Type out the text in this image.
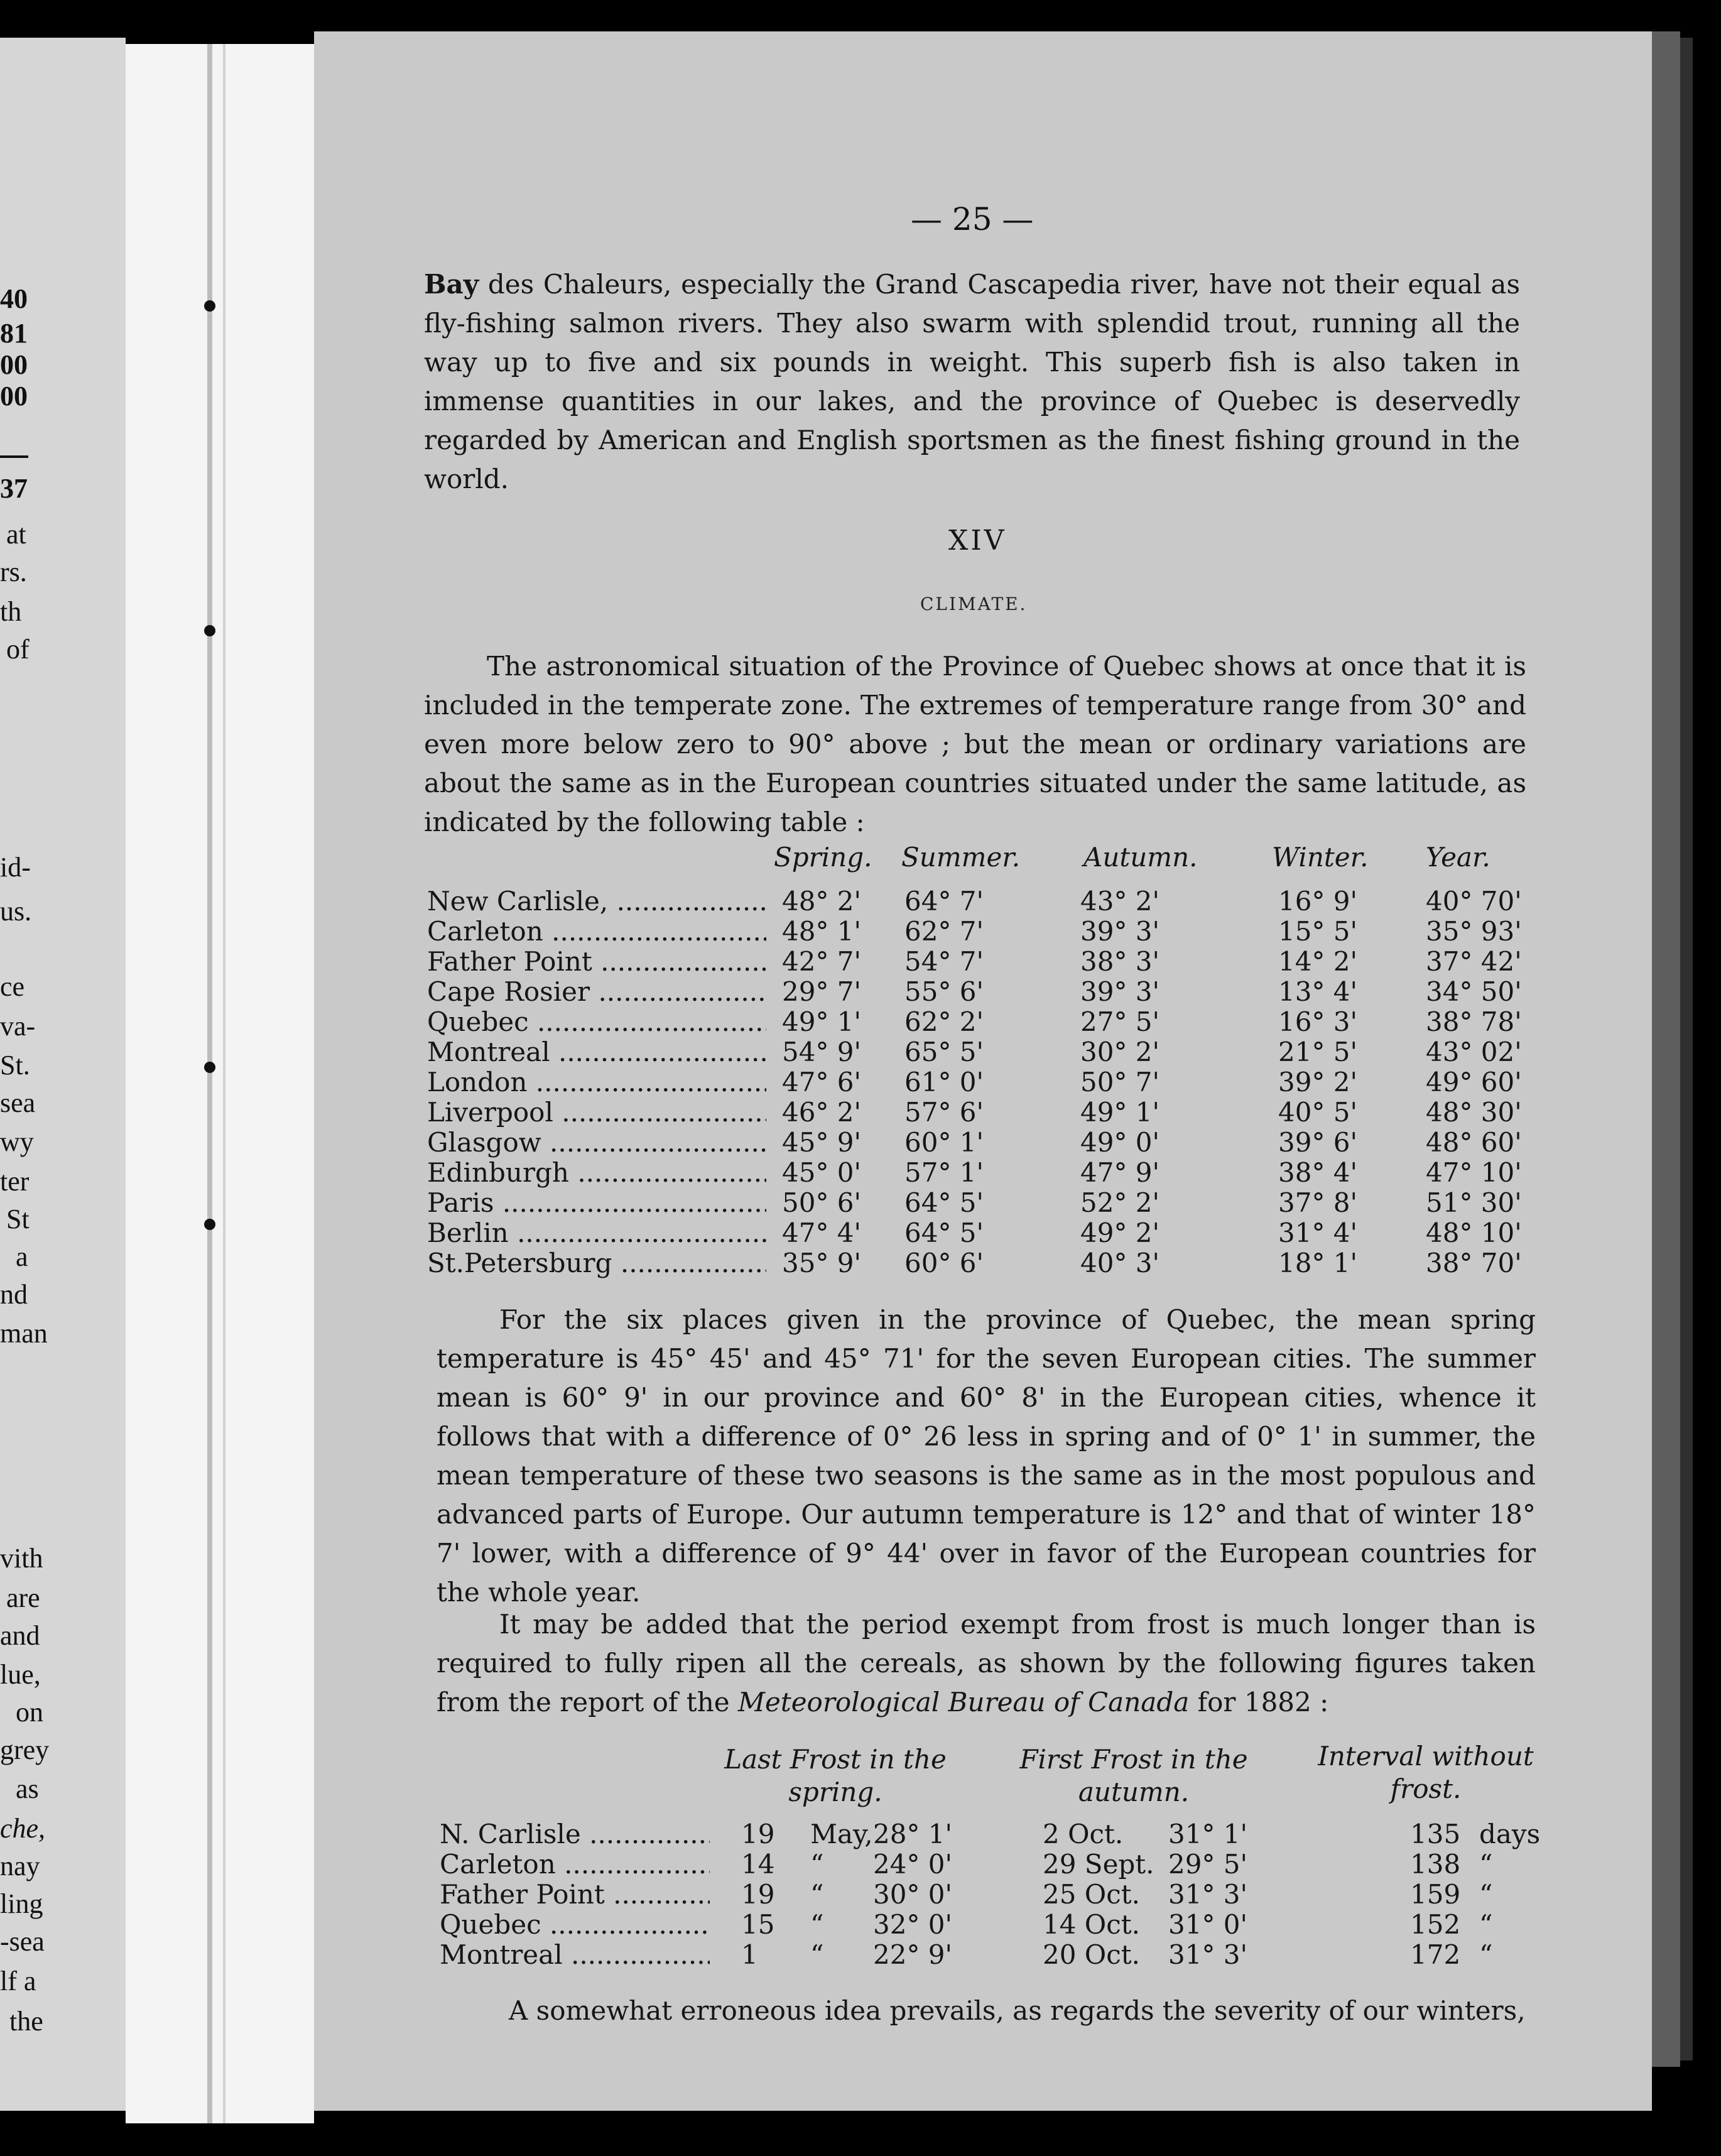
40
81
00
00
37
at
rs.
th
of
id-
us.
ce
va-
St.
sea
wy
ter
St
a
nd
man
vith
are
and
lue,
on
grey
as
che,
nay
ling
-sea
lf a
the
— 25 —
Bay des Chaleurs, especially the Grand Cascapedia river, have not their equal as fly-fishing salmon rivers. They also swarm with splendid trout, running all the way up to five and six pounds in weight. This superb fish is also taken in immense quantities in our lakes, and the province of Quebec is deservedly regarded by American and English sportsmen as the finest fishing ground in the world.
XIV
CLIMATE.
The astronomical situation of the Province of Quebec shows at once that it is included in the temperate zone. The extremes of temperature range from 30° and even more below zero to 90° above ; but the mean or ordinary variations are about the same as in the European countries situated under the same latitude, as indicated by the following table :
Spring. Summer. Autumn.	Winter. Year.
New Carlisle, .....	48° 2' 64° 7'	43° 2'	16° 9'	40° 70'
Carleton .....	48° 1' 62° 7'	39° 3'	15° 5'	35° 93'
Father Point .....	42° 7' 54° 7'	38° 3'	14° 2'	37° 42'
Cape Rosier .....	29° 7' 55° 6'	39° 3'	13° 4'	34° 50'
Quebec .....	49° 1' 62° 2'	27° 5'	16° 3'	38° 78'
Montreal .....	54° 9' 65° 5'	30° 2'	21° 5'	43° 02'
London .....	47° 6' 61° 0'	50° 7'	39° 2'	49° 60'
Liverpool .....	46° 2' 57° 6'	49° 1'	40° 5'	48° 30'
Glasgow .....	45° 9' 60° 1'	49° 0'	39° 6'	48° 60'
Edinburgh .....	45° 0' 57° 1'	47° 9'	38° 4'	47° 10'
Paris .....	50° 6' 64° 5'	52° 2'	37° 8'	51° 30'
Berlin .....	47° 4' 64° 5'	49° 2'	31° 4'	48° 10'
St.Petersburg .....	35° 9' 60° 6'	40° 3'	18° 1'	38° 70'
For the six places given in the province of Quebec, the mean spring temperature is 45° 45' and 45° 71' for the seven European cities. The summer mean is 60° 9' in our province and 60° 8' in the European cities, whence it follows that with a difference of 0° 26 less in spring and of 0° 1' in summer, the mean temperature of these two seasons is the same as in the most populous and advanced parts of Europe. Our autumn temperature is 12° and that of winter 18° 7' lower, with a difference of 9° 44' over in favor of the European countries for the whole year.
It may be added that the period exempt from frost is much longer than is required to fully ripen all the cereals, as shown by the following figures taken from the report of the Meteorological Bureau of Canada for 1882 :
Last Frost in the spring.
First Frost in the autumn.
Interval without frost.
N. Carlisle .....	19 May, 28° 1'	2 Oct. 31° 1'	135 days
Carleton .....	14 “ 24° 0'	29 Sept. 29° 5'	138 “
Father Point .....	19 “ 30° 0'	25 Oct. 31° 3'	159 “
Quebec .....	15 “ 32° 0'	14 Oct. 31° 0'	152 “
Montreal .....	1 “ 22° 9'	20 Oct. 31° 3'	172 “
A somewhat erroneous idea prevails, as regards the severity of our winters,
